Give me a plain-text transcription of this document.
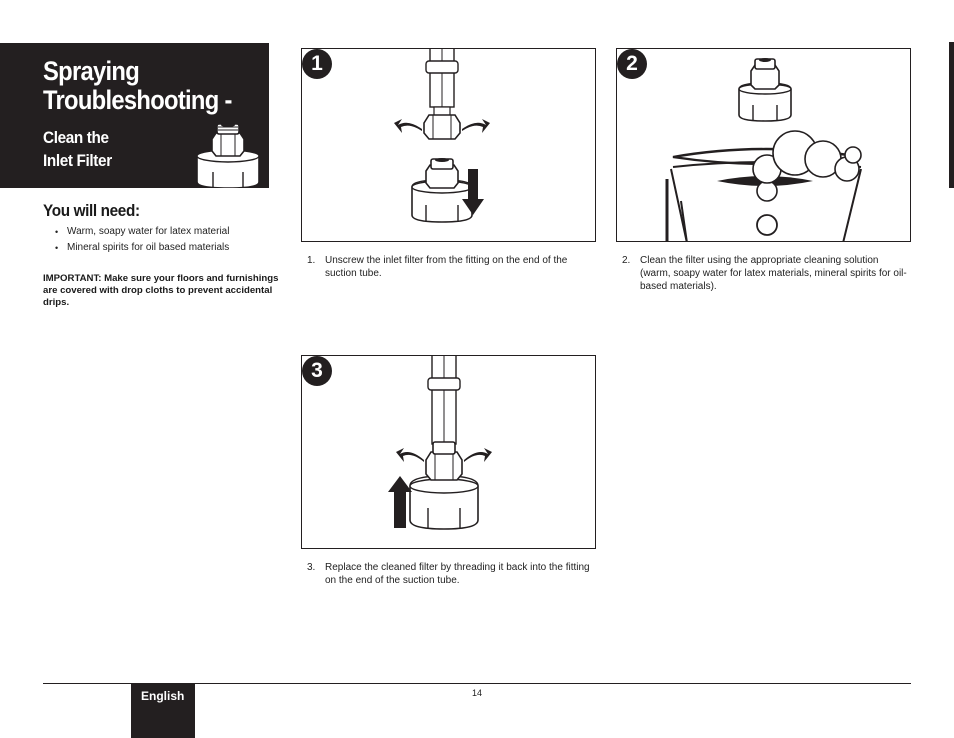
Spraying
Troubleshooting -
Clean the
Inlet Filter
You will need:
• Warm, soapy water for latex material
• Mineral spirits for oil based materials
IMPORTANT: Make sure your floors and furnishings are covered with drop cloths to prevent accidental drips.
1
1. Unscrew the inlet filter from the fitting on the end of the suction tube.
2
2. Clean the filter using the appropriate cleaning solution (warm, soapy water for latex materials, mineral spirits for oil-based materials).
3
3. Replace the cleaned filter by threading it back into the fitting on the end of the suction tube.
English	14
